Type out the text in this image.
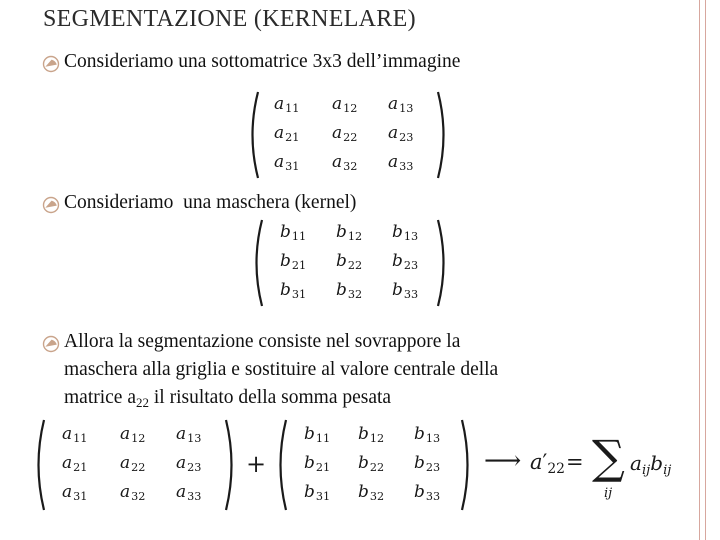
SEGMENTAZIONE (KERNELARE)
Consideriamo una sottomatrice 3x3 dell’immagine
a11 a12 a13
a21 a22 a23
a31 a32 a33
Consideriamo  una maschera (kernel)
b11 b12 b13
b21 b22 b23
b31 b32 b33
Allora la segmentazione consiste nel sovrappore la
maschera alla griglia e sostituire al valore centrale della
matrice $a_{22}$ il risultato della somma pesata
a11 a12 a13
a21 a22 a23
a31 a32 a33
+
b11 b12 b13
b21 b22 b23
b31 b32 b33
⟶ a′22 = ∑
ij
aijbij
